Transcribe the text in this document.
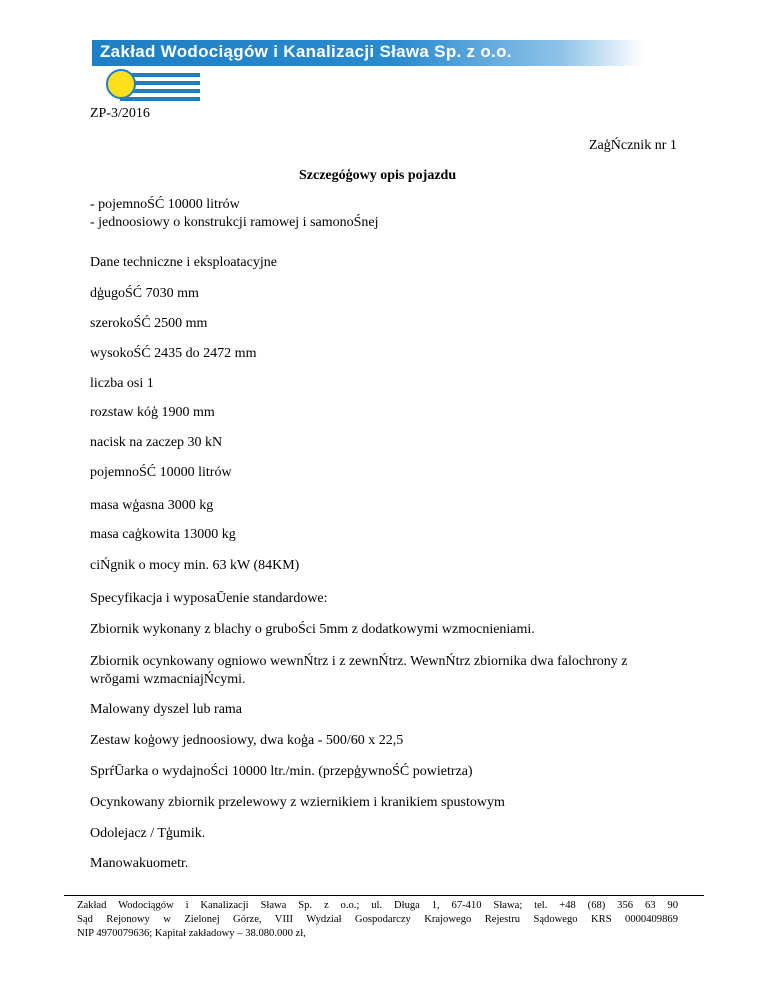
Zakład Wodociągów i Kanalizacji Sława Sp. z o.o.
ZP-3/2016
ZaģŃcznik nr 1
Szczegóģowy opis pojazdu
- pojemnoŚĆ 10000 litrów
- jednoosiowy o konstrukcji ramowej i samonoŚnej
Dane techniczne i eksploatacyjne
dģugoŚĆ 7030 mm
szerokoŚĆ 2500 mm
wysokoŚĆ 2435 do 2472 mm
liczba osi 1
rozstaw kóģ 1900 mm
nacisk na zaczep 30 kN
pojemnoŚĆ 10000 litrów
masa wģasna 3000 kg
masa caģkowita 13000 kg
ciŃgnik o mocy min. 63 kW (84KM)
Specyfikacja i wyposaŪenie standardowe:
Zbiornik wykonany z blachy o gruboŚci 5mm z dodatkowymi wzmocnieniami.
Zbiornik ocynkowany ogniowo wewnŃtrz i z zewnŃtrz. WewnŃtrz zbiornika dwa falochrony z
wrŏgami wzmacniajŃcymi.
Malowany dyszel lub rama
Zestaw koģowy jednoosiowy, dwa koģa - 500/60 x 22,5
SprŕŪarka o wydajnoŚci 10000 ltr./min. (przepģywnoŚĆ powietrza)
Ocynkowany zbiornik przelewowy z wziernikiem i kranikiem spustowym
Odolejacz / Tģumik.
Manowakuometr.

Zakład Wodociągów i Kanalizacji Sława Sp. z o.o.; ul. Długa 1, 67-410 Sława; tel. +48 (68) 356 63 90

Sąd Rejonowy w Zielonej Górze, VIII Wydział Gospodarczy Krajowego Rejestru Sądowego KRS 0000409869

NIP 4970079636; Kapitał zakładowy – 38.080.000 zł,
